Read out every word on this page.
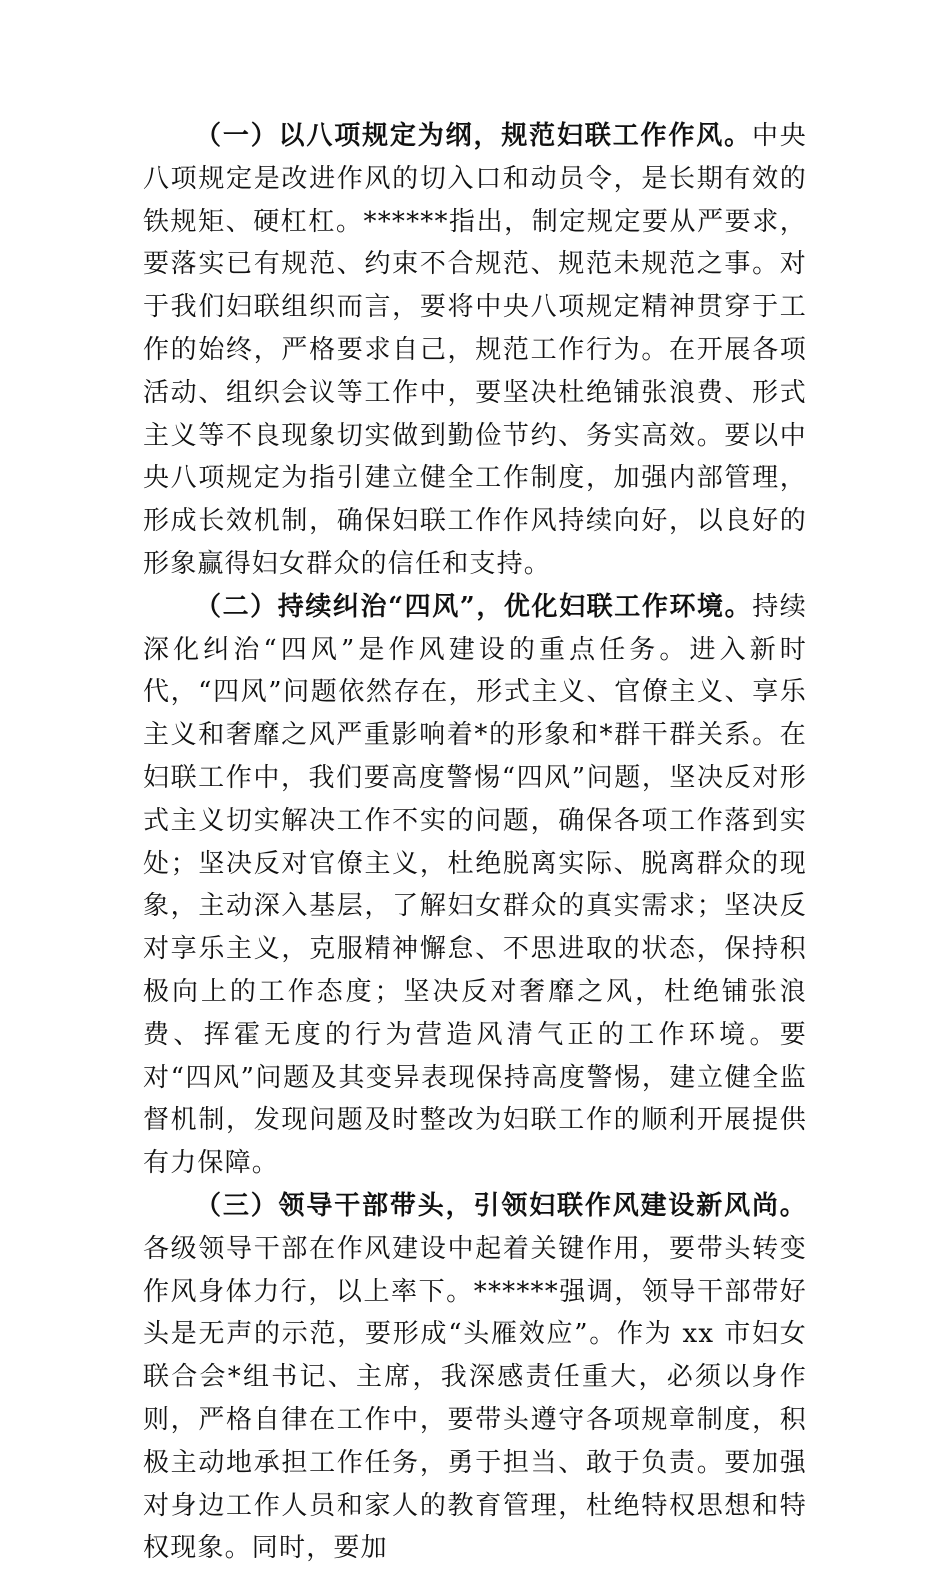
（一）以八项规定为纲，规范妇联工作作风。中央八项规定是改进作风的切入口和动员令，是长期有效的铁规矩、硬杠杠。******指出，制定规定要从严要求，要落实已有规范、约束不合规范、规范未规范之事。对于我们妇联组织而言，要将中央八项规定精神贯穿于工作的始终，严格要求自己，规范工作行为。在开展各项活动、组织会议等工作中，要坚决杜绝铺张浪费、形式主义等不良现象切实做到勤俭节约、务实高效。要以中央八项规定为指引建立健全工作制度，加强内部管理，形成长效机制，确保妇联工作作风持续向好，以良好的形象赢得妇女群众的信任和支持。

（二）持续纠治“四风”，优化妇联工作环境。持续深化纠治“四风”是作风建设的重点任务。进入新时代，“四风”问题依然存在，形式主义、官僚主义、享乐主义和奢靡之风严重影响着*的形象和*群干群关系。在妇联工作中，我们要高度警惕“四风”问题，坚决反对形式主义切实解决工作不实的问题，确保各项工作落到实处；坚决反对官僚主义，杜绝脱离实际、脱离群众的现象，主动深入基层，了解妇女群众的真实需求；坚决反对享乐主义，克服精神懈怠、不思进取的状态，保持积极向上的工作态度；坚决反对奢靡之风，杜绝铺张浪费、挥霍无度的行为营造风清气正的工作环境。要对“四风”问题及其变异表现保持高度警惕，建立健全监督机制，发现问题及时整改为妇联工作的顺利开展提供有力保障。

（三）领导干部带头，引领妇联作风建设新风尚。各级领导干部在作风建设中起着关键作用，要带头转变作风身体力行，以上率下。******强调，领导干部带好头是无声的示范，要形成“头雁效应”。作为 xx 市妇女联合会*组书记、主席，我深感责任重大，必须以身作则，严格自律在工作中，要带头遵守各项规章制度，积极主动地承担工作任务，勇于担当、敢于负责。要加强对身边工作人员和家人的教育管理，杜绝特权思想和特权现象。同时，要加
